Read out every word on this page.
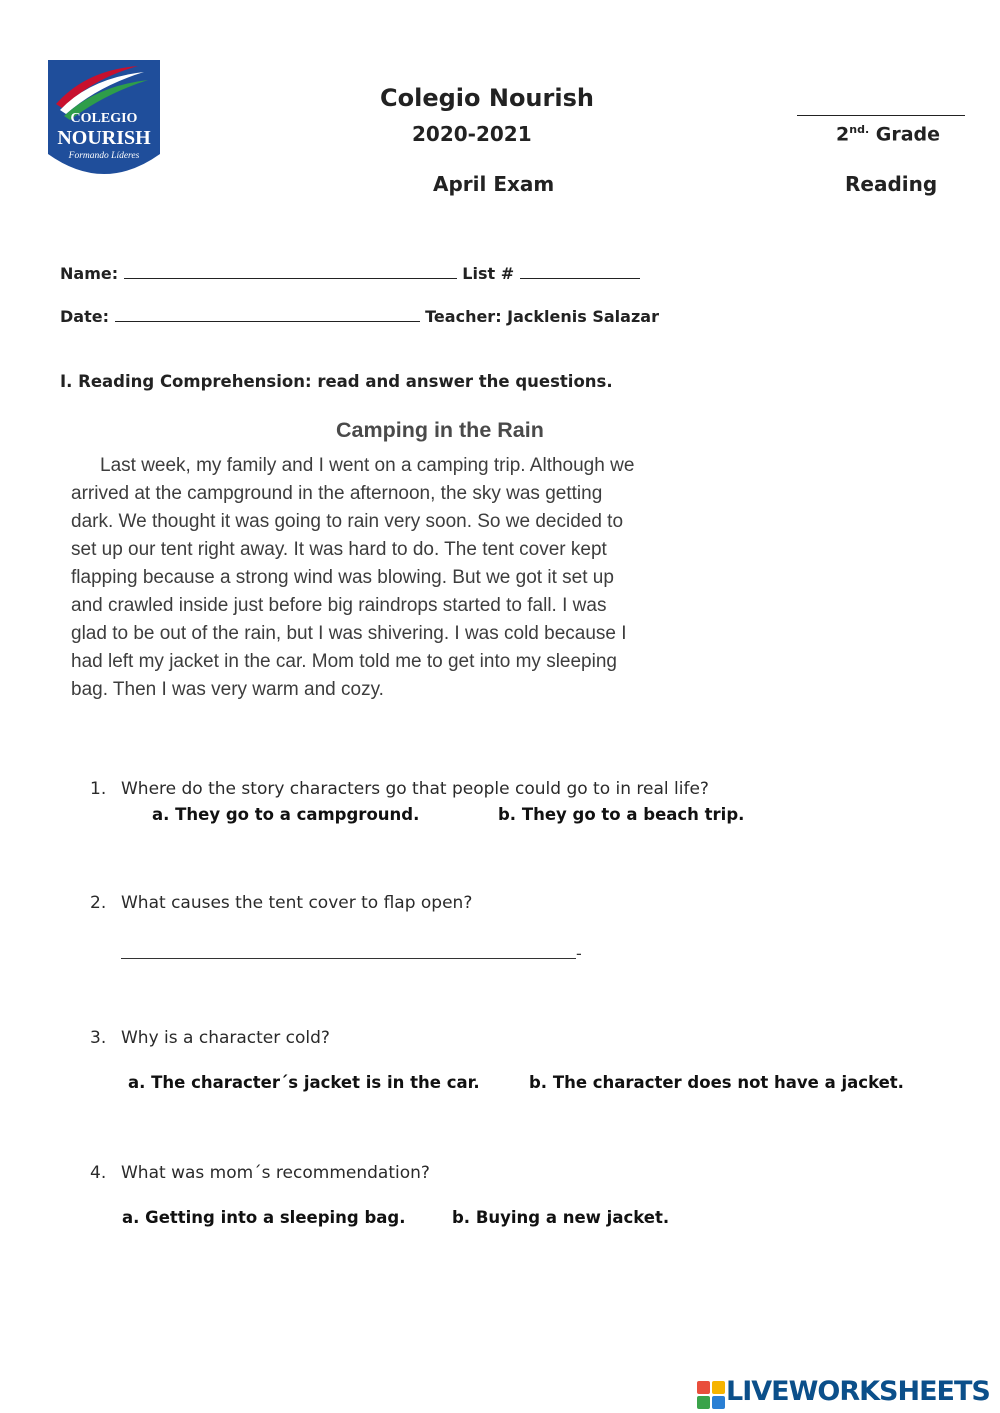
COLEGIO
NOURISH
Formando Líderes
Colegio Nourish
2020-2021
April Exam
$2^{nd.}$ Grade
Reading
Name:	List #
Date:	Teacher: Jacklenis Salazar
I. Reading Comprehension: read and answer the questions.
Camping in the Rain
Last week, my family and I went on a camping trip. Although we
arrived at the campground in the afternoon, the sky was getting
dark. We thought it was going to rain very soon. So we decided to
set up our tent right away. It was hard to do. The tent cover kept
flapping because a strong wind was blowing. But we got it set up
and crawled inside just before big raindrops started to fall. I was
glad to be out of the rain, but I was shivering. I was cold because I
had left my jacket in the car. Mom told me to get into my sleeping
bag. Then I was very warm and cozy.
1. Where do the story characters go that people could go to in real life?
a. They go to a campground.	b. They go to a beach trip.
2. What causes the tent cover to flap open?
-
3. Why is a character cold?
a. The character´s jacket is in the car.	b. The character does not have a jacket.
4. What was mom´s recommendation?
a. Getting into a sleeping bag.	b. Buying a new jacket.
LIVEWORKSHEETS
